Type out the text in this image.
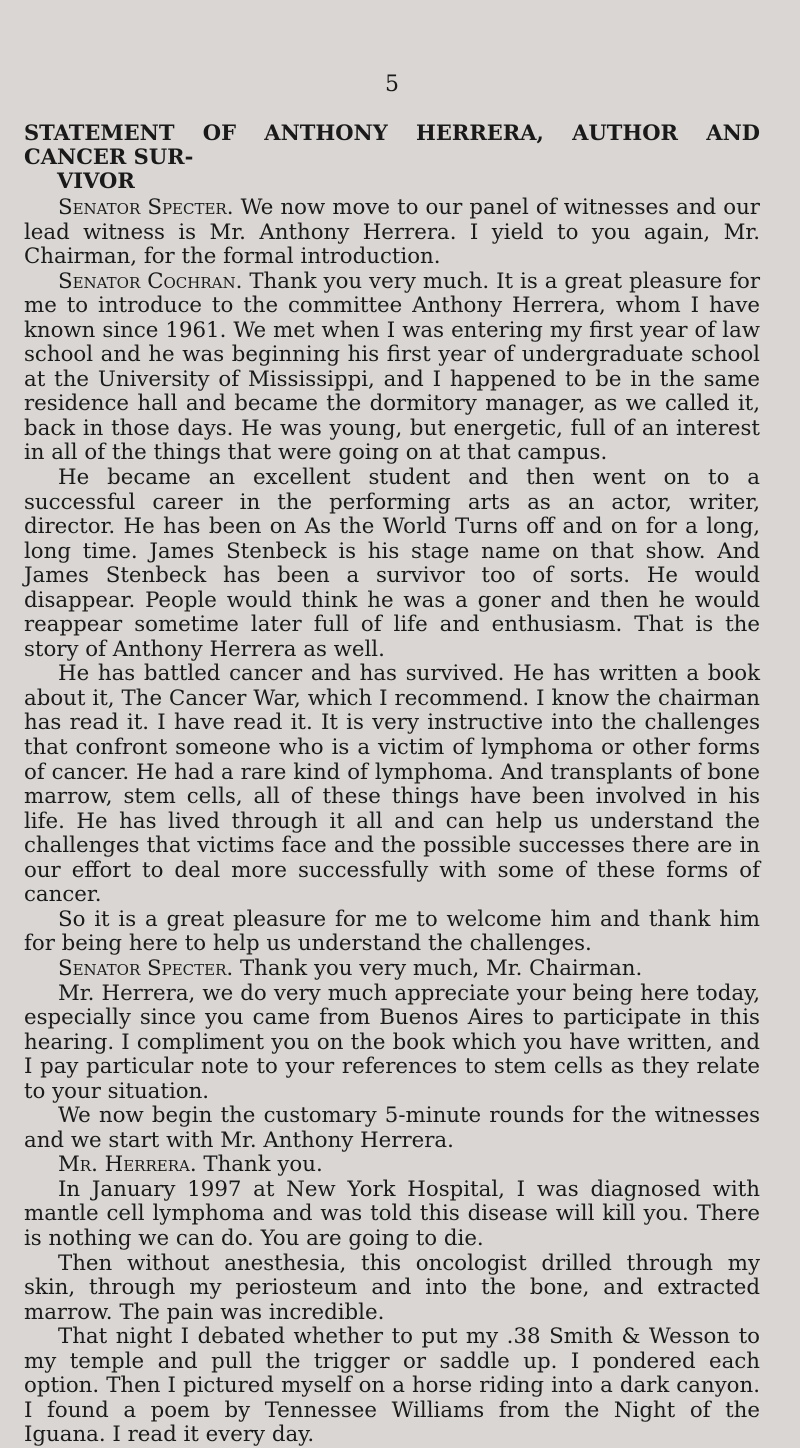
5
STATEMENT OF ANTHONY HERRERA, AUTHOR AND CANCER SUR-
VIVOR

Senator Specter. We now move to our panel of witnesses and our lead witness is Mr. Anthony Herrera. I yield to you again, Mr. Chairman, for the formal introduction.

Senator Cochran. Thank you very much. It is a great pleasure for me to introduce to the committee Anthony Herrera, whom I have known since 1961. We met when I was entering my first year of law school and he was beginning his first year of undergraduate school at the University of Mississippi, and I happened to be in the same residence hall and became the dormitory manager, as we called it, back in those days. He was young, but energetic, full of an interest in all of the things that were going on at that campus.

He became an excellent student and then went on to a successful career in the performing arts as an actor, writer, director. He has been on As the World Turns off and on for a long, long time. James Stenbeck is his stage name on that show. And James Stenbeck has been a survivor too of sorts. He would disappear. People would think he was a goner and then he would reappear sometime later full of life and enthusiasm. That is the story of Anthony Herrera as well.

He has battled cancer and has survived. He has written a book about it, The Cancer War, which I recommend. I know the chairman has read it. I have read it. It is very instructive into the challenges that confront someone who is a victim of lymphoma or other forms of cancer. He had a rare kind of lymphoma. And transplants of bone marrow, stem cells, all of these things have been involved in his life. He has lived through it all and can help us understand the challenges that victims face and the possible successes there are in our effort to deal more successfully with some of these forms of cancer.

So it is a great pleasure for me to welcome him and thank him for being here to help us understand the challenges.

Senator Specter. Thank you very much, Mr. Chairman.

Mr. Herrera, we do very much appreciate your being here today, especially since you came from Buenos Aires to participate in this hearing. I compliment you on the book which you have written, and I pay particular note to your references to stem cells as they relate to your situation.

We now begin the customary 5-minute rounds for the witnesses and we start with Mr. Anthony Herrera.

Mr. Herrera. Thank you.

In January 1997 at New York Hospital, I was diagnosed with mantle cell lymphoma and was told this disease will kill you. There is nothing we can do. You are going to die.

Then without anesthesia, this oncologist drilled through my skin, through my periosteum and into the bone, and extracted marrow. The pain was incredible.

That night I debated whether to put my .38 Smith & Wesson to my temple and pull the trigger or saddle up. I pondered each option. Then I pictured myself on a horse riding into a dark canyon. I found a poem by Tennessee Williams from the Night of the Iguana. I read it every day.
